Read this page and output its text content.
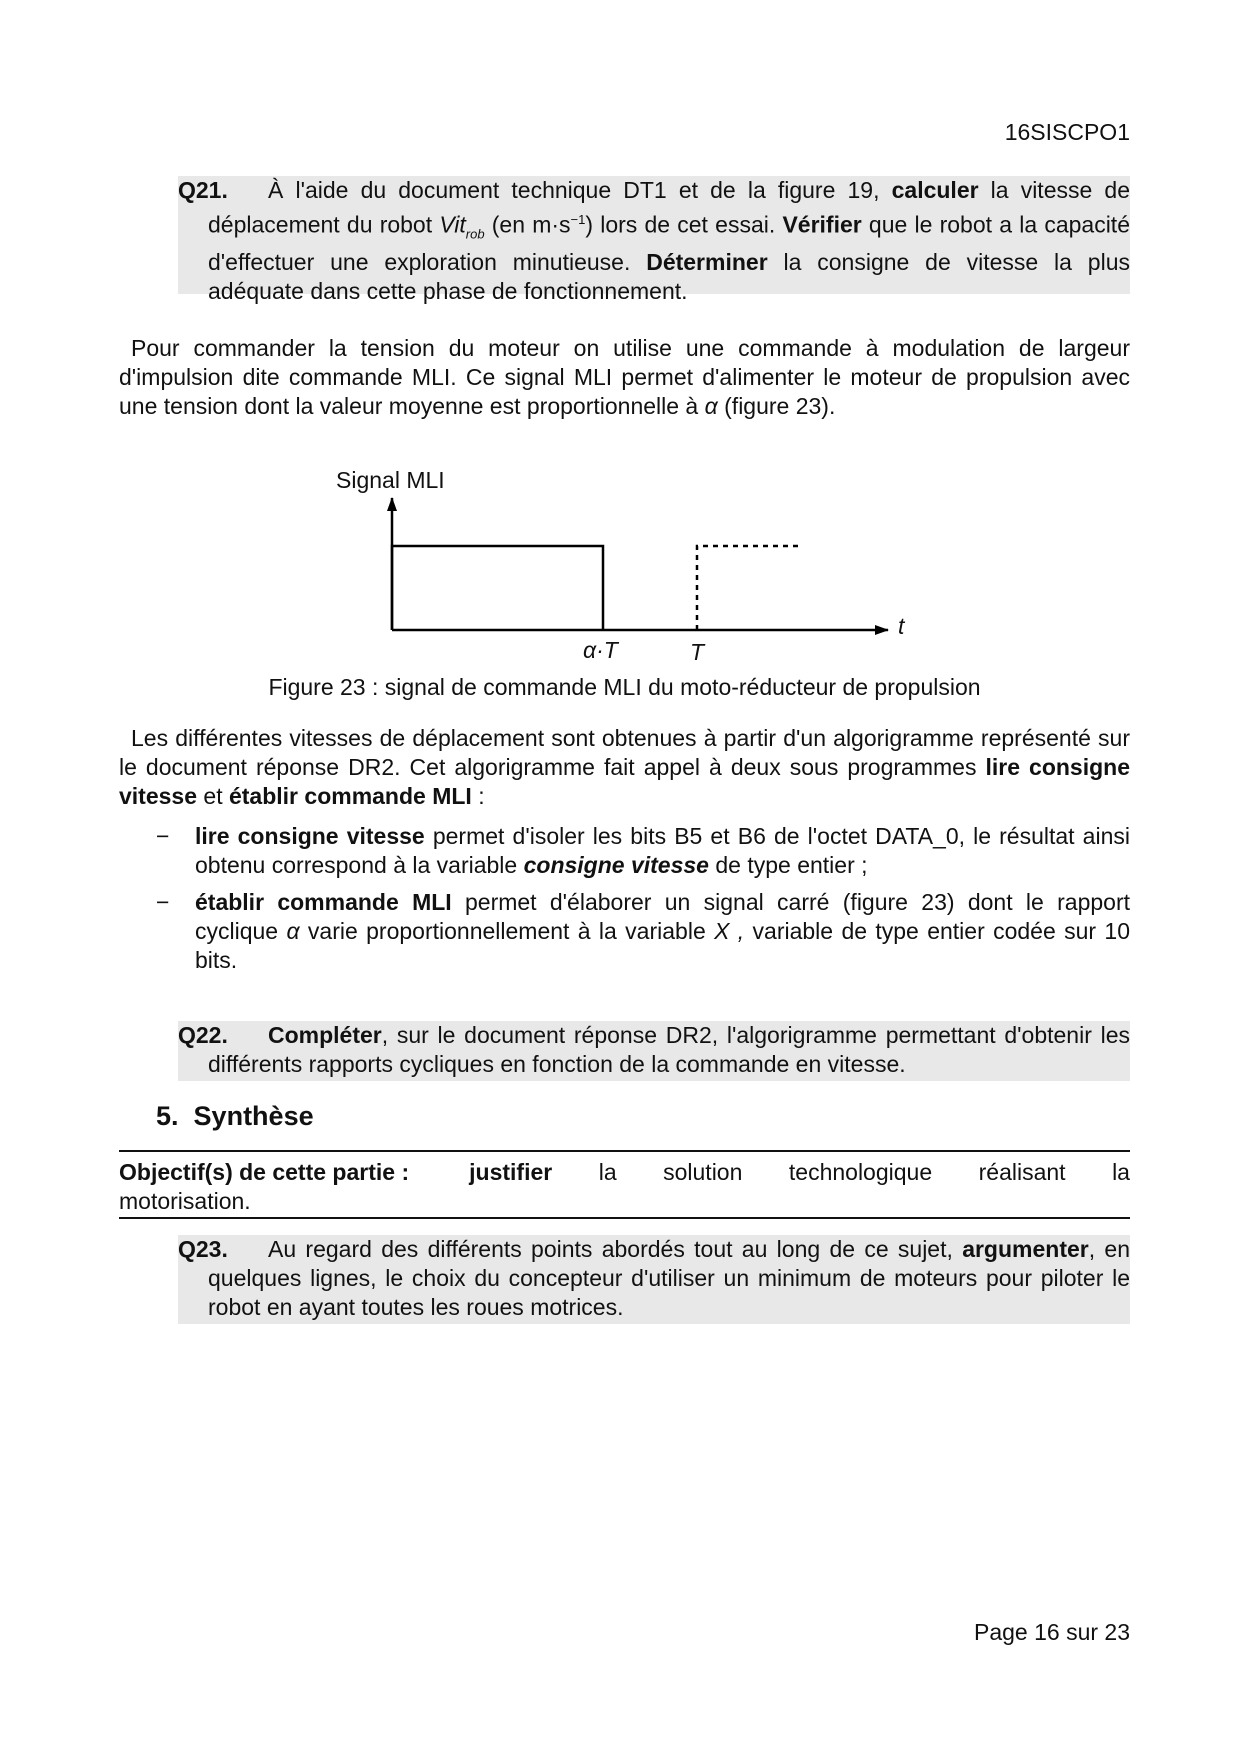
16SISCPO1

Q21. À l'aide du document technique DT1 et de la figure 19, calculer la vitesse de déplacement du robot Vit$_{rob}$ (en $m\cdot s^{-1}$) lors de cet essai. Vérifier que le robot a la capacité d'effectuer une exploration minutieuse. Déterminer la consigne de vitesse la plus adéquate dans cette phase de fonctionnement.

Pour commander la tension du moteur on utilise une commande à modulation de largeur d'impulsion dite commande MLI. Ce signal MLI permet d'alimenter le moteur de propulsion avec une tension dont la valeur moyenne est proportionnelle à α (figure 23).

Signal MLI
t
α·T	T
Figure 23 : signal de commande MLI du moto-réducteur de propulsion

Les différentes vitesses de déplacement sont obtenues à partir d'un algorigramme représenté sur le document réponse DR2. Cet algorigramme fait appel à deux sous programmes lire consigne vitesse et établir commande MLI :

− lire consigne vitesse permet d'isoler les bits B5 et B6 de l'octet DATA_0, le résultat ainsi obtenu correspond à la variable consigne vitesse de type entier ;
− établir commande MLI permet d'élaborer un signal carré (figure 23) dont le rapport cyclique α varie proportionnellement à la variable X , variable de type entier codée sur 10 bits.

Q22. Compléter, sur le document réponse DR2, l'algorigramme permettant d'obtenir les différents rapports cycliques en fonction de la commande en vitesse.

5. Synthèse
Objectif(s) de cette partie :	justifier la solution technologique réalisant la
motorisation.

Q23. Au regard des différents points abordés tout au long de ce sujet, argumenter, en quelques lignes, le choix du concepteur d'utiliser un minimum de moteurs pour piloter le robot en ayant toutes les roues motrices.

Page 16 sur 23
